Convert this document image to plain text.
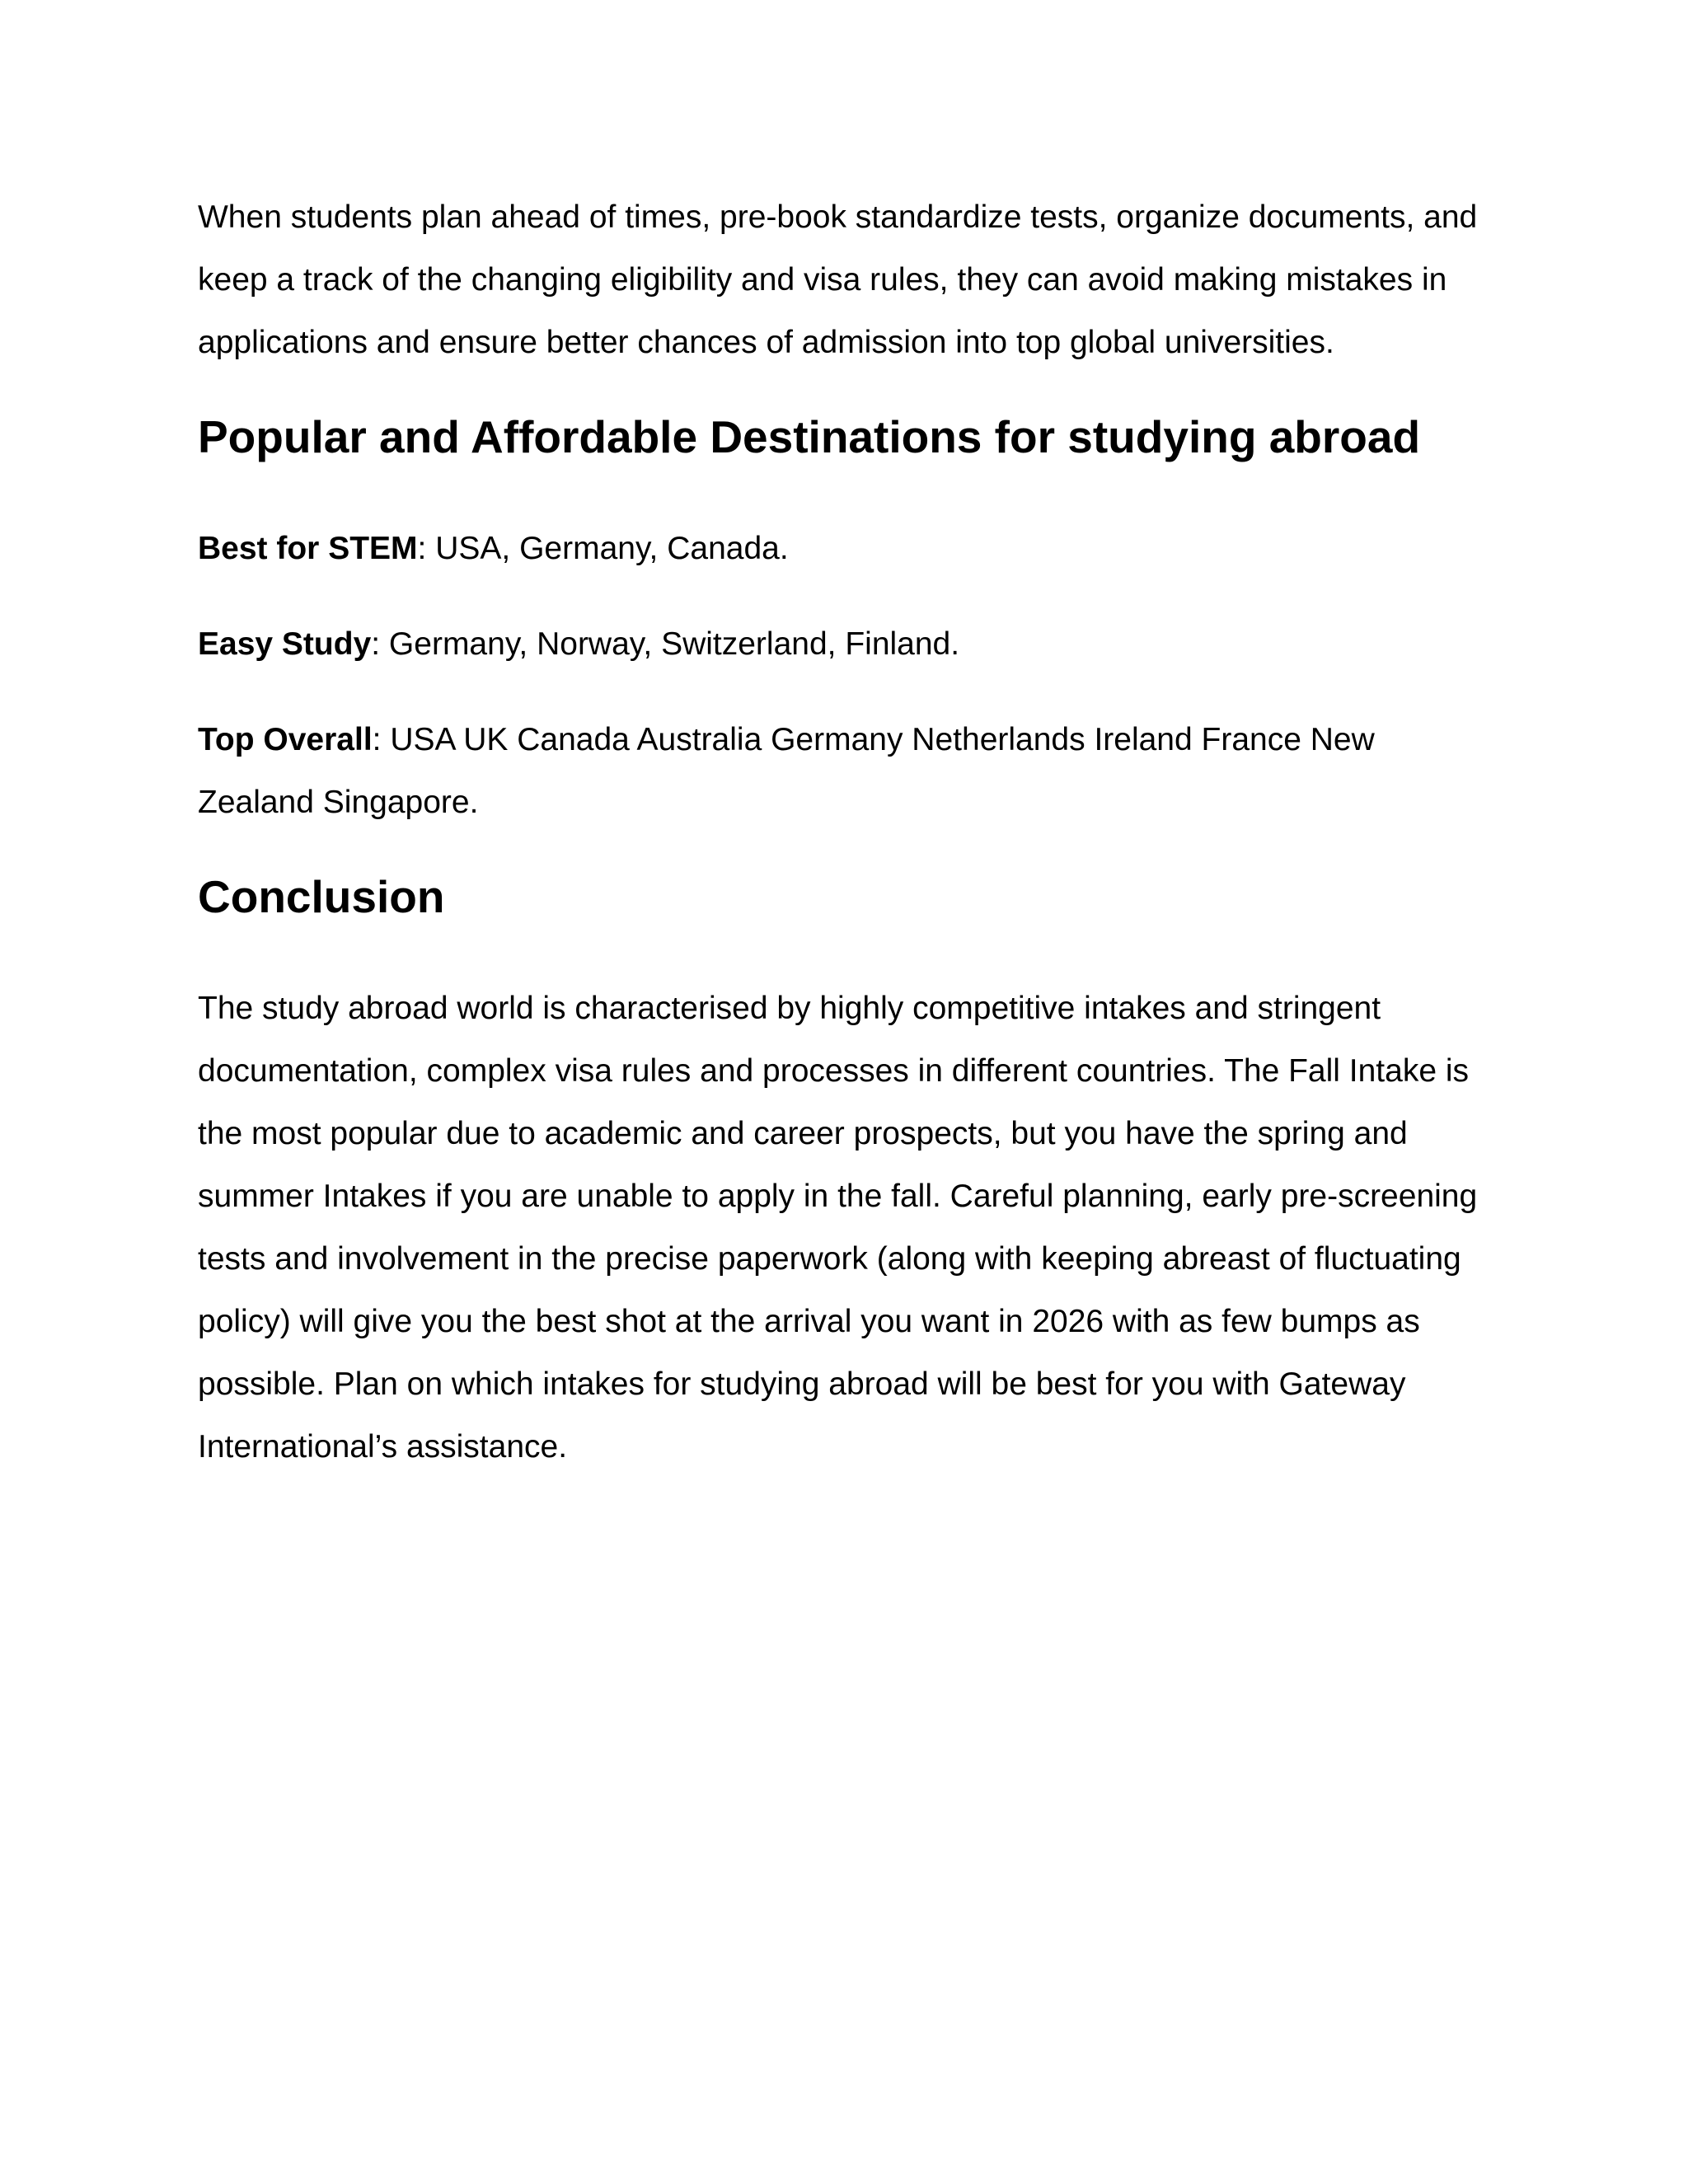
When students plan ahead of times, pre-book standardize tests, organize documents, and keep a track of the changing eligibility and visa rules, they can avoid making mistakes in applications and ensure better chances of admission into top global universities.

Popular and Affordable Destinations for studying abroad

Best for STEM: USA, Germany, Canada.

Easy Study: Germany, Norway, Switzerland, Finland.

Top Overall: USA UK Canada Australia Germany Netherlands Ireland France New Zealand Singapore.

Conclusion

The study abroad world is characterised by highly competitive intakes and stringent documentation, complex visa rules and processes in different countries. The Fall Intake is the most popular due to academic and career prospects, but you have the spring and summer Intakes if you are unable to apply in the fall. Careful planning, early pre-screening tests and involvement in the precise paperwork (along with keeping abreast of fluctuating policy) will give you the best shot at the arrival you want in 2026 with as few bumps as possible. Plan on which intakes for studying abroad will be best for you with Gateway International’s assistance.
